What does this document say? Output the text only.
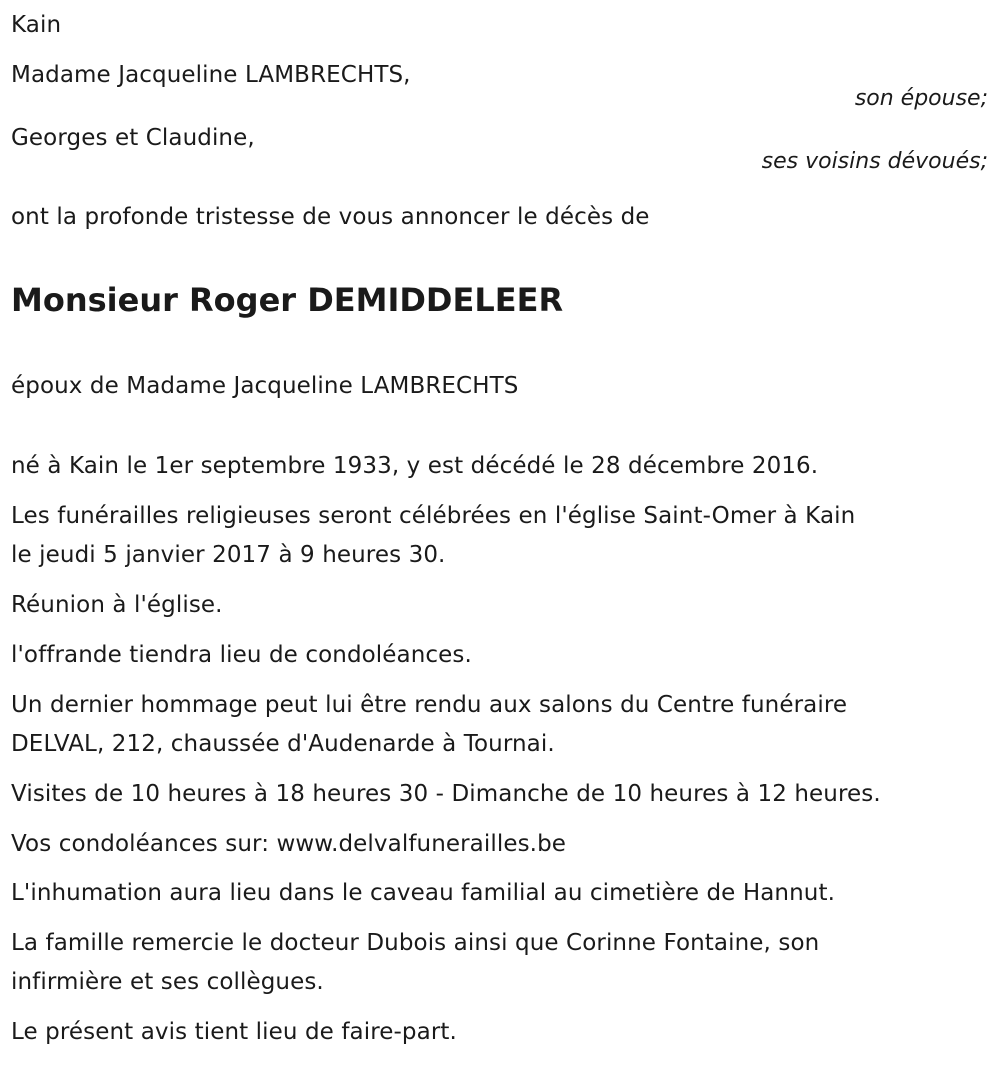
Kain

Madame Jacqueline LAMBRECHTS,

son épouse;

Georges et Claudine,

ses voisins dévoués;

ont la profonde tristesse de vous annoncer le décès de

Monsieur Roger DEMIDDELEER

époux de Madame Jacqueline LAMBRECHTS

né à Kain le 1er septembre 1933, y est décédé le 28 décembre 2016.

Les funérailles religieuses seront célébrées en l'église Saint-Omer à Kain

le jeudi 5 janvier 2017 à 9 heures 30.

Réunion à l'église.

l'offrande tiendra lieu de condoléances.

Un dernier hommage peut lui être rendu aux salons du Centre funéraire

DELVAL, 212, chaussée d'Audenarde à Tournai.

Visites de 10 heures à 18 heures 30 - Dimanche de 10 heures à 12 heures.

Vos condoléances sur: www.delvalfunerailles.be

L'inhumation aura lieu dans le caveau familial au cimetière de Hannut.

La famille remercie le docteur Dubois ainsi que Corinne Fontaine, son

infirmière et ses collègues.

Le présent avis tient lieu de faire-part.
